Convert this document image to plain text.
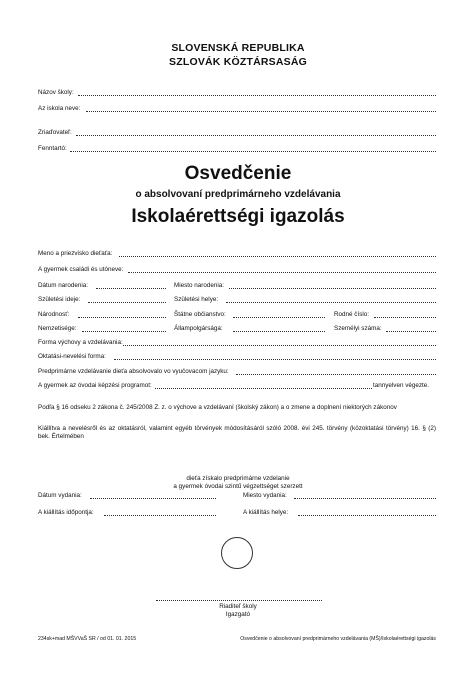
SLOVENSKÁ REPUBLIKA
SZLOVÁK KÖZTÁRSASÁG
Názov školy:
Az iskola neve:
Zriaďovateľ:
Fenntartó:
Osvedčenie
o absolvovaní predprimárneho vzdelávania
Iskolaérettségi igazolás
Meno a priezvisko dieťaťa:
A gyermek családi és utóneve:
Dátum narodenia:	Miesto narodenia:
Születési ideje:	Születési helye:
Národnosť:	Štátne občianstvo:	Rodné číslo:
Nemzetisége:	Állampolgársága:	Személyi száma:
Forma výchovy a vzdelávania:
Oktatási-nevelési forma:
Predprimárne vzdelávanie dieťa absolvovalo vo vyučovacom jazyku:
A gyermek az óvodai képzési programot:	tannyelven végezte.
Podľa § 16 odseku 2 zákona č. 245/2008 Z. z. o výchove a vzdelávaní (školský zákon) a o zmene a doplnení niektorých zákonov
Kiállítva a nevelésről és az oktatásról, valamint egyéb törvények módosításáról szóló 2008. évi 245. törvény (közoktatási törvény) 16. § (2) bek. Értelmében
dieťa získalo predprimárne vzdelanie
a gyermek óvodai szintű végzettséget szerzett
Dátum vydania:	Miesto vydania:
A kiállítás időpontja:	A kiállítás helye:
Riaditeľ školy
Igazgató
234sk+mad MŠVVaŠ SR / od 01. 01. 2015	Osvedčenie o absolvovaní predprimárneho vzdelávania (MŠ)/Iskolaérettségi igazolás
